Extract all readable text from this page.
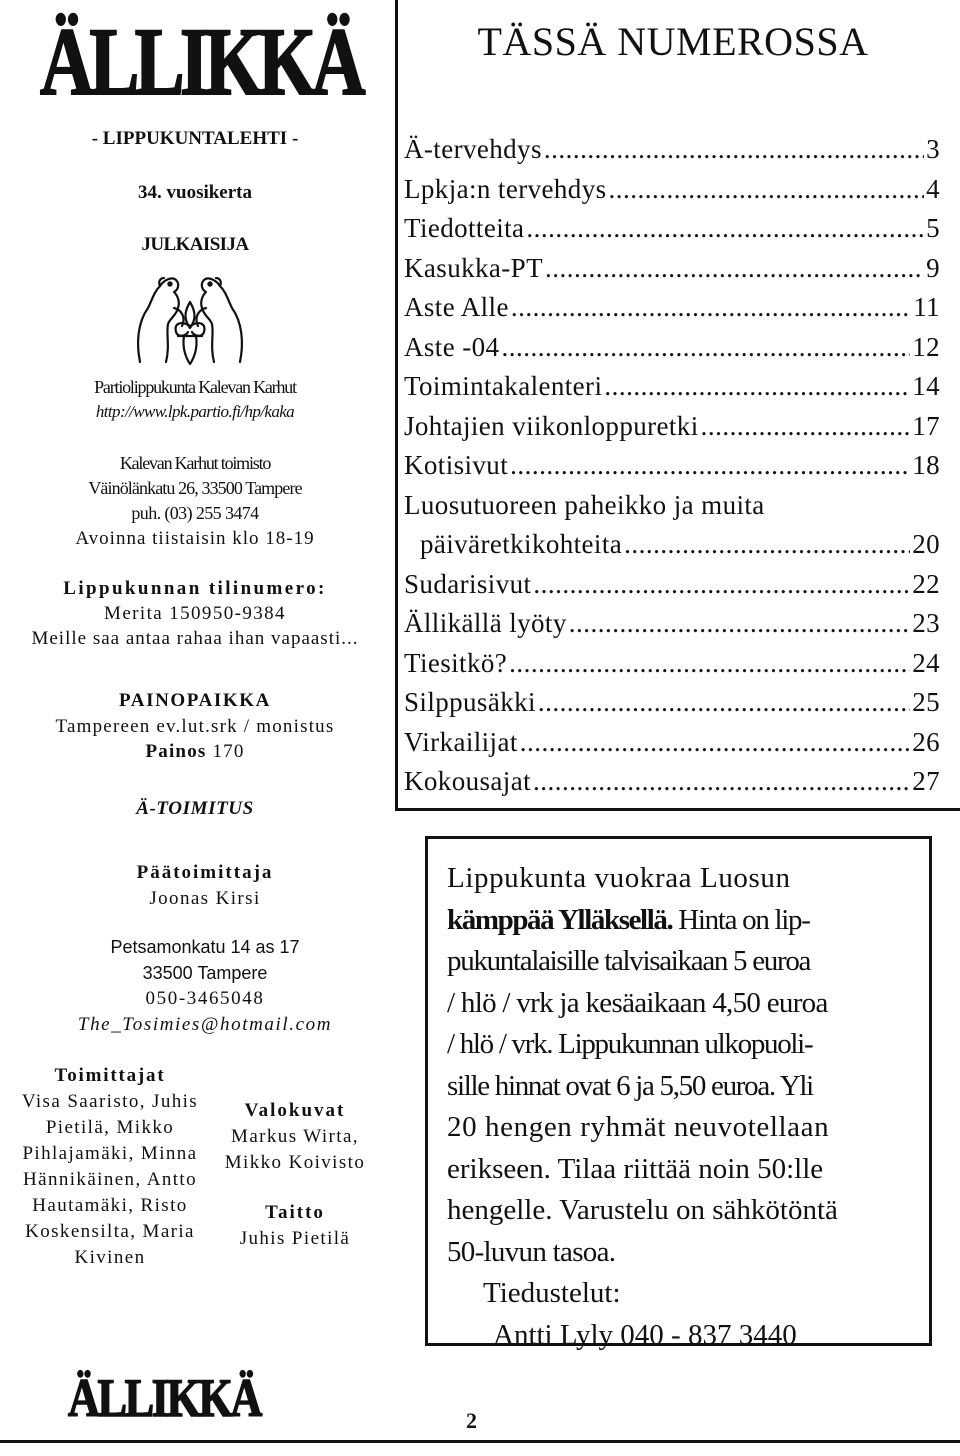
ÄLLIKKÄ
- LIPPUKUNTALEHTI -
34. vuosikerta
JULKAISIJA
Partiolippukunta Kalevan Karhut
http://www.lpk.partio.fi/hp/kaka
Kalevan Karhut toimisto
Väinölänkatu 26, 33500 Tampere
puh. (03) 255 3474
Avoinna tiistaisin klo 18-19
Lippukunnan tilinumero:
Merita 150950-9384
Meille saa antaa rahaa ihan vapaasti...
PAINOPAIKKA
Tampereen ev.lut.srk / monistus
Painos 170
Ä-TOIMITUS
Päätoimittaja
Joonas Kirsi
Petsamonkatu 14 as 17
33500 Tampere
050-3465048
The_Tosimies@hotmail.com
Toimittajat
Visa Saaristo, Juhis
Pietilä, Mikko
Pihlajamäki, Minna
Hännikäinen, Antto
Hautamäki, Risto
Koskensilta, Maria
Kivinen
Valokuvat
Markus Wirta,
Mikko Koivisto
Taitto
Juhis Pietilä
TÄSSÄ NUMEROSSA
Ä-tervehdys .....	3
Lpkja:n tervehdys .....	4
Tiedotteita .....	5
Kasukka-PT .....	9
Aste Alle .....	11
Aste -04 .....	12
Toimintakalenteri .....	14
Johtajien viikonloppuretki .....	17
Kotisivut .....	18
Luosutuoreen paheikko ja muita
päiväretkikohteita .....	20
Sudarisivut .....	22
Ällikällä lyöty .....	23
Tiesitkö? .....	24
Silppusäkki .....	25
Virkailijat .....	26
Kokousajat .....	27
Lippukunta vuokraa Luosun
kämppää Ylläksellä. Hinta on lip-
pukuntalaisille talvisaikaan 5 euroa
/ hlö / vrk ja kesäaikaan 4,50 euroa
/ hlö / vrk. Lippukunnan ulkopuoli-
sille hinnat ovat 6 ja 5,50 euroa. Yli
20 hengen ryhmät neuvotellaan
erikseen. Tilaa riittää noin 50:lle
hengelle. Varustelu on sähkötöntä
50-luvun tasoa.
Tiedustelut:
Antti Lyly 040 - 837 3440
ÄLLIKKÄ	2
